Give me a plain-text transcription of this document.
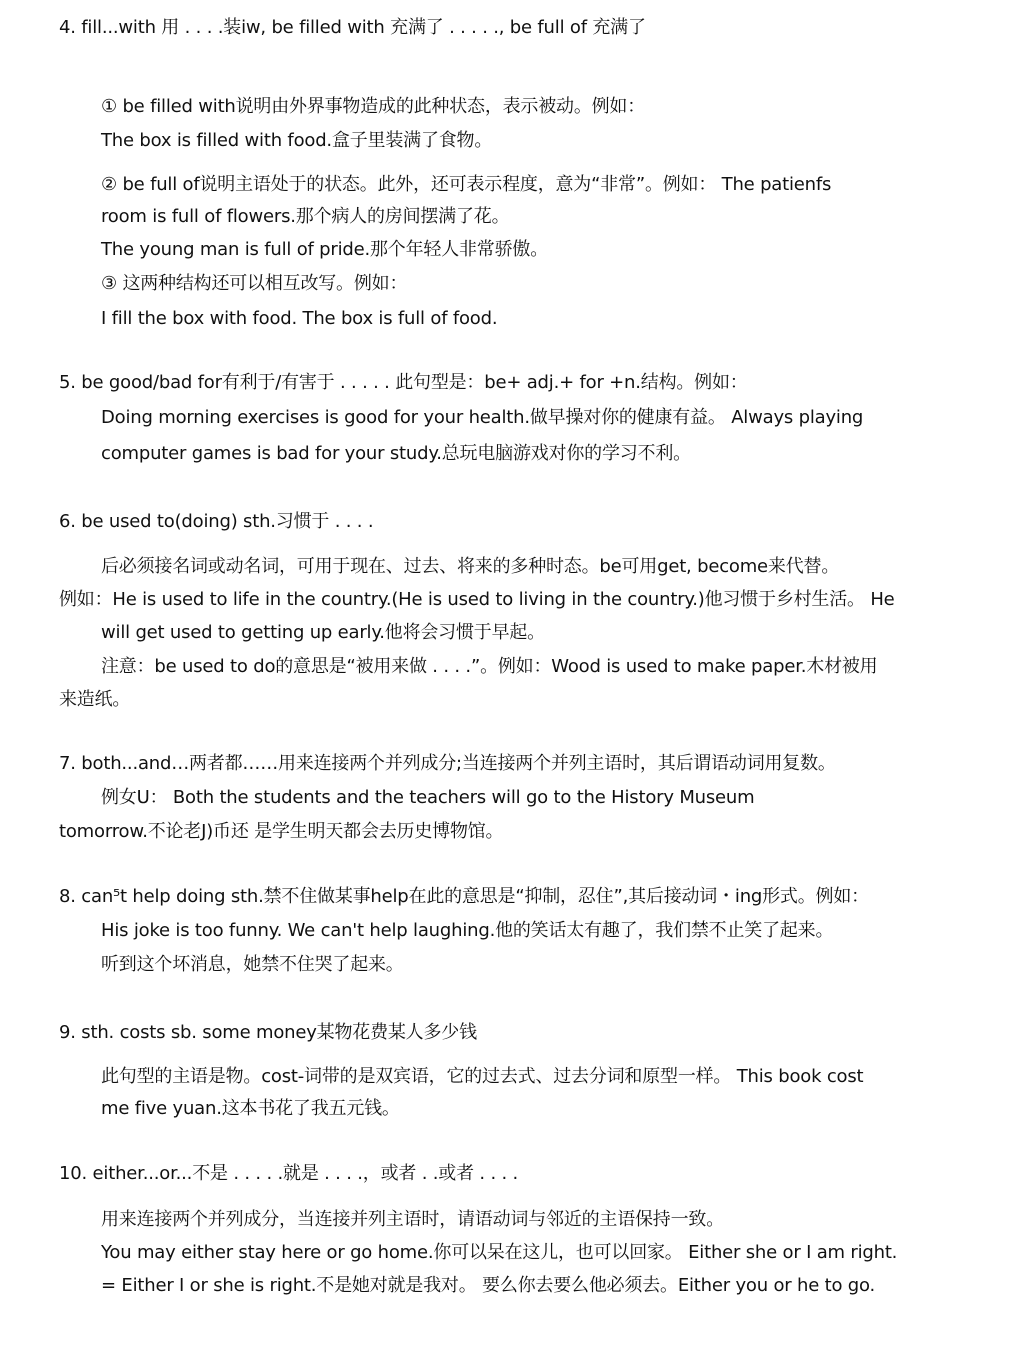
4. fill...with 用 . . . .装iw, be filled with 充满了 . . . . ., be full of 充满了
① be filled with说明由外界事物造成的此种状态，表示被动。例如：
The box is filled with food.盒子里装满了食物。
② be full of说明主语处于的状态。此外，还可表示程度，意为“非常”。例如： The patienfs
room is full of flowers.那个病人的房间摆满了花。
The young man is full of pride.那个年轻人非常骄傲。
③ 这两种结构还可以相互改写。例如：
I fill the box with food. The box is full of food.
5. be good/bad for有利于/有害于 . . . . . 此句型是：be+ adj.+ for +n.结构。例如：
Doing morning exercises is good for your health.做早操对你的健康有益。 Always playing
computer games is bad for your study.总玩电脑游戏对你的学习不利。
6. be used to(doing) sth.习惯于 . . . .
后必须接名词或动名词，可用于现在、过去、将来的多种时态。be可用get, become来代替。
例如：He is used to life in the country.(He is used to living in the country.)他习惯于乡村生活。 He
will get used to getting up early.他将会习惯于早起。
注意：be used to do的意思是“被用来做 . . . .”。例如：Wood is used to make paper.木材被用
来造纸。
7. both...and…两者都……用来连接两个并列成分;当连接两个并列主语时，其后谓语动词用复数。
例女U： Both the students and the teachers will go to the History Museum
tomorrow.不论老J)币还 是学生明天都会去历史博物馆。
8. can⁵t help doing sth.禁不住做某事help在此的意思是“抑制，忍住”,其后接动词・ing形式。例如：
His joke is too funny. We can't help laughing.他的笑话太有趣了，我们禁不止笑了起来。
听到这个坏消息，她禁不住哭了起来。
9. sth. costs sb. some money某物花费某人多少钱
此句型的主语是物。cost-词带的是双宾语，它的过去式、过去分词和原型一样。 This book cost
me five yuan.这本书花了我五元钱。
10. either...or...不是 . . . . .就是 . . . .，或者 . .或者 . . . .
用来连接两个并列成分，当连接并列主语时，请语动词与邻近的主语保持一致。
You may either stay here or go home.你可以呆在这儿，也可以回家。 Either she or I am right.
= Either I or she is right.不是她对就是我对。 要么你去要么他必须去。Either you or he to go.
